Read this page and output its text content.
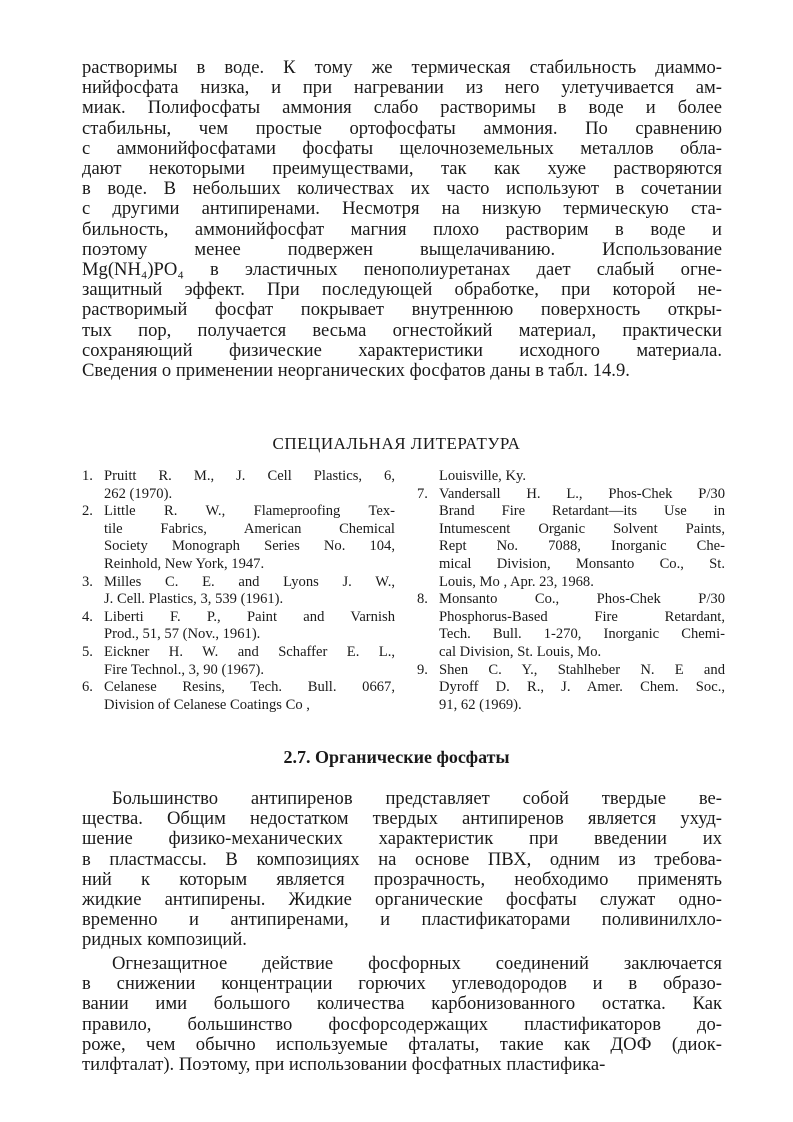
растворимы в воде. К тому же термическая стабильность диаммо-
нийфосфата низка, и при нагревании из него улетучивается ам-
миак. Полифосфаты аммония слабо растворимы в воде и более
стабильны, чем простые ортофосфаты аммония. По сравнению
с аммонийфосфатами фосфаты щелочноземельных металлов обла-
дают некоторыми преимуществами, так как хуже растворяются
в воде. В небольших количествах их часто используют в сочетании
с другими антипиренами. Несмотря на низкую термическую ста-
бильность, аммонийфосфат магния плохо растворим в воде и
поэтому менее подвержен выщелачиванию. Использование
Mg(NH₄)PO₄ в эластичных пенополиуретанах дает слабый огне-
защитный эффект. При последующей обработке, при которой не-
растворимый фосфат покрывает внутреннюю поверхность откры-
тых пор, получается весьма огнестойкий материал, практически
сохраняющий физические характеристики исходного материала.
Сведения о применении неорганических фосфатов даны в табл. 14.9.
СПЕЦИАЛЬНАЯ ЛИТЕРАТУРА
1. Pruitt R. M., J. Cell Plastics, 6,
262 (1970).
2. Little R. W., Flameproofing Tex-
tile Fabrics, American Chemical
Society Monograph Series No. 104,
Reinhold, New York, 1947.
3. Milles C. E. and Lyons J. W.,
J. Cell. Plastics, 3, 539 (1961).
4. Liberti F. P., Paint and Varnish
Prod., 51, 57 (Nov., 1961).
5. Eickner H. W. and Schaffer E. L.,
Fire Technol., 3, 90 (1967).
6. Celanese Resins, Tech. Bull. 0667,
Division of Celanese Coatings Co ,
Louisville, Ky.
7. Vandersall H. L., Phos-Chek P/30
Brand Fire Retardant—its Use in
Intumescent Organic Solvent Paints,
Rept No. 7088, Inorganic Che-
mical Division, Monsanto Co., St.
Louis, Mo , Apr. 23, 1968.
8. Monsanto Co., Phos-Chek P/30
Phosphorus-Based Fire Retardant,
Tech. Bull. 1-270, Inorganic Chemi-
cal Division, St. Louis, Mo.
9. Shen C. Y., Stahlheber N. E and
Dyroff D. R., J. Amer. Chem. Soc.,
91, 62 (1969).
2.7. Органические фосфаты
Большинство антипиренов представляет собой твердые ве-
щества. Общим недостатком твердых антипиренов является ухуд-
шение физико-механических характеристик при введении их
в пластмассы. В композициях на основе ПВХ, одним из требова-
ний к которым является прозрачность, необходимо применять
жидкие антипирены. Жидкие органические фосфаты служат одно-
временно и антипиренами, и пластификаторами поливинилхло-
ридных композиций.
Огнезащитное действие фосфорных соединений заключается
в снижении концентрации горючих углеводородов и в образо-
вании ими большого количества карбонизованного остатка. Как
правило, большинство фосфорсодержащих пластификаторов до-
роже, чем обычно используемые фталаты, такие как ДОФ (диок-
тилфталат). Поэтому, при использовании фосфатных пластифика-
